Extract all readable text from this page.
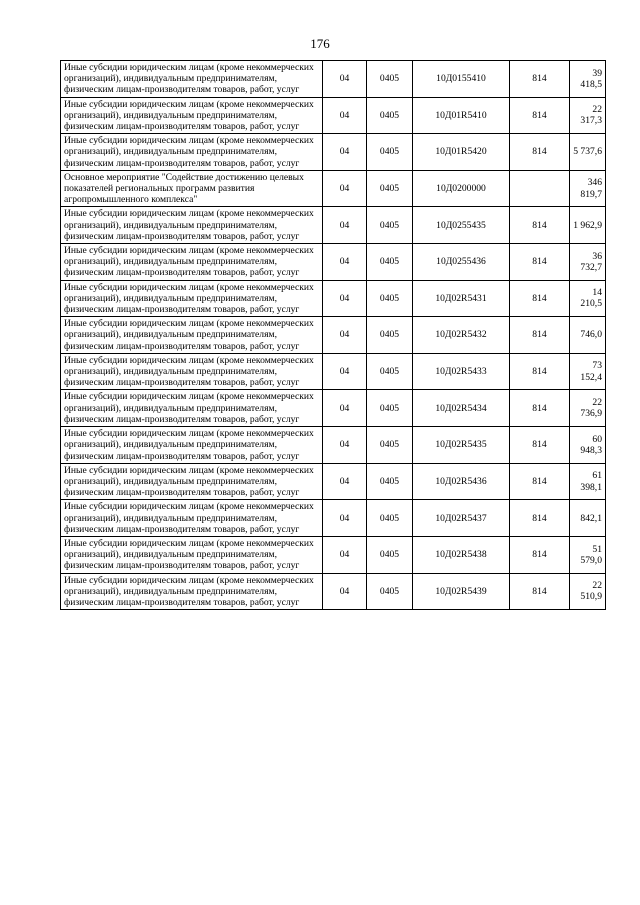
176
Иные субсидии юридическим лицам (кроме некоммерческих организаций), индивидуальным предпринимателям, физическим лицам-производителям товаров, работ, услуг	04	0405	10Д0155410	814	39 418,5
Иные субсидии юридическим лицам (кроме некоммерческих организаций), индивидуальным предпринимателям, физическим лицам-производителям товаров, работ, услуг	04	0405	10Д01R5410	814	22 317,3
Иные субсидии юридическим лицам (кроме некоммерческих организаций), индивидуальным предпринимателям, физическим лицам-производителям товаров, работ, услуг	04	0405	10Д01R5420	814	5 737,6
Основное мероприятие "Содействие достижению целевых показателей региональных программ развития агропромышленного комплекса"	04	0405	10Д0200000		346 819,7
Иные субсидии юридическим лицам (кроме некоммерческих организаций), индивидуальным предпринимателям, физическим лицам-производителям товаров, работ, услуг	04	0405	10Д0255435	814	1 962,9
Иные субсидии юридическим лицам (кроме некоммерческих организаций), индивидуальным предпринимателям, физическим лицам-производителям товаров, работ, услуг	04	0405	10Д0255436	814	36 732,7
Иные субсидии юридическим лицам (кроме некоммерческих организаций), индивидуальным предпринимателям, физическим лицам-производителям товаров, работ, услуг	04	0405	10Д02R5431	814	14 210,5
Иные субсидии юридическим лицам (кроме некоммерческих организаций), индивидуальным предпринимателям, физическим лицам-производителям товаров, работ, услуг	04	0405	10Д02R5432	814	746,0
Иные субсидии юридическим лицам (кроме некоммерческих организаций), индивидуальным предпринимателям, физическим лицам-производителям товаров, работ, услуг	04	0405	10Д02R5433	814	73 152,4
Иные субсидии юридическим лицам (кроме некоммерческих организаций), индивидуальным предпринимателям, физическим лицам-производителям товаров, работ, услуг	04	0405	10Д02R5434	814	22 736,9
Иные субсидии юридическим лицам (кроме некоммерческих организаций), индивидуальным предпринимателям, физическим лицам-производителям товаров, работ, услуг	04	0405	10Д02R5435	814	60 948,3
Иные субсидии юридическим лицам (кроме некоммерческих организаций), индивидуальным предпринимателям, физическим лицам-производителям товаров, работ, услуг	04	0405	10Д02R5436	814	61 398,1
Иные субсидии юридическим лицам (кроме некоммерческих организаций), индивидуальным предпринимателям, физическим лицам-производителям товаров, работ, услуг	04	0405	10Д02R5437	814	842,1
Иные субсидии юридическим лицам (кроме некоммерческих организаций), индивидуальным предпринимателям, физическим лицам-производителям товаров, работ, услуг	04	0405	10Д02R5438	814	51 579,0
Иные субсидии юридическим лицам (кроме некоммерческих организаций), индивидуальным предпринимателям, физическим лицам-производителям товаров, работ, услуг	04	0405	10Д02R5439	814	22 510,9
